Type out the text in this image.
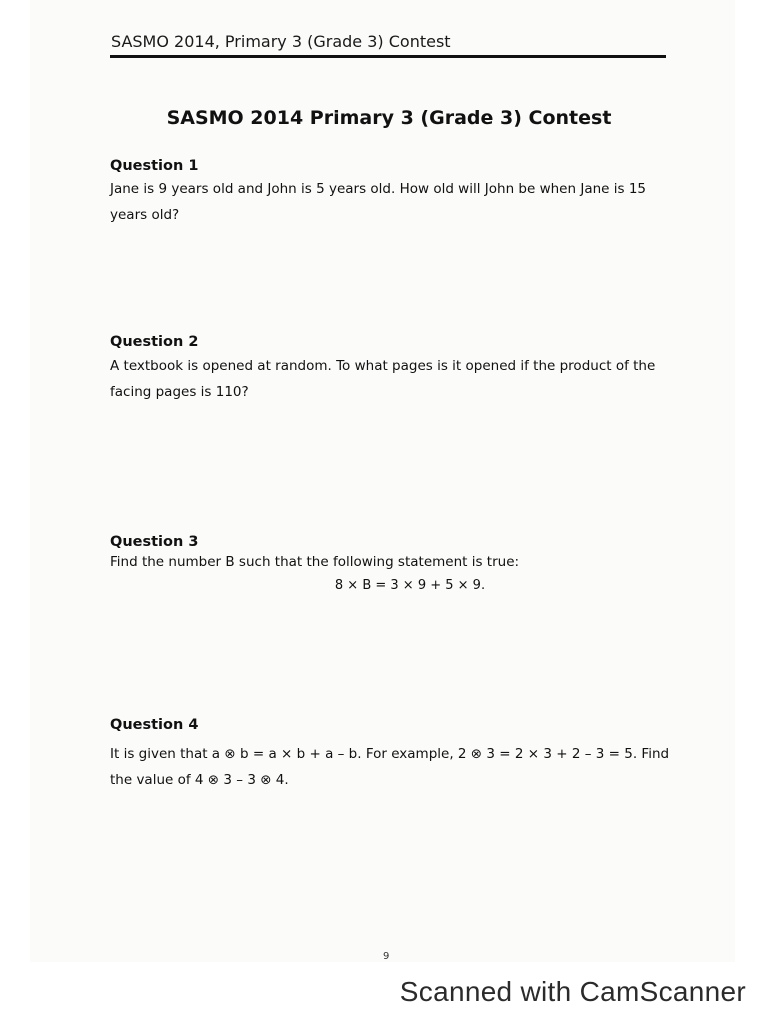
SASMO 2014, Primary 3 (Grade 3) Contest
SASMO 2014 Primary 3 (Grade 3) Contest
Question 1
Jane is 9 years old and John is 5 years old. How old will John be when Jane is 15 years old?
Question 2
A textbook is opened at random. To what pages is it opened if the product of the facing pages is 110?
Question 3
Find the number B such that the following statement is true:
8 × B = 3 × 9 + 5 × 9.
Question 4
It is given that a ⊗ b = a × b + a – b. For example, 2 ⊗ 3 = 2 × 3 + 2 – 3 = 5. Find the value of 4 ⊗ 3 – 3 ⊗ 4.
9
Scanned with CamScanner
